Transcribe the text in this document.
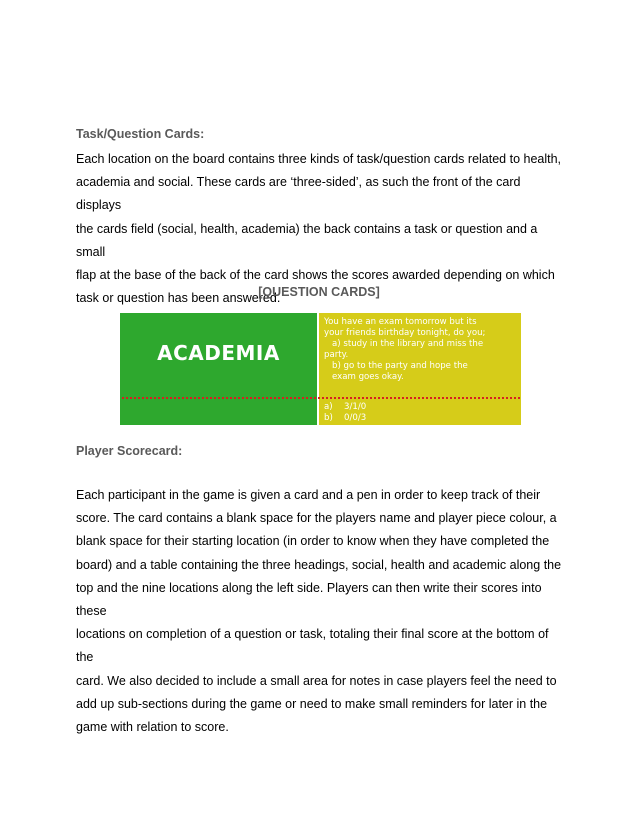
Task/Question Cards:
Each location on the board contains three kinds of task/question cards related to health,
academia and social. These cards are ‘three-sided’, as such the front of the card displays
the cards field (social, health, academia) the back contains a task or question and a small
flap at the base of the back of the card shows the scores awarded depending on which
task or question has been answered.
[QUESTION CARDS]
ACADEMIA
You have an exam tomorrow but its
your friends birthday tonight, do you;
a) study in the library and miss the
party.
b) go to the party and hope the
exam goes okay.
a)	3/1/0
b)	0/0/3
Player Scorecard:
Each participant in the game is given a card and a pen in order to keep track of their
score. The card contains a blank space for the players name and player piece colour, a
blank space for their starting location (in order to know when they have completed the
board) and a table containing the three headings, social, health and academic along the
top and the nine locations along the left side. Players can then write their scores into these
locations on completion of a question or task, totaling their final score at the bottom of the
card. We also decided to include a small area for notes in case players feel the need to
add up sub-sections during the game or need to make small reminders for later in the
game with relation to score.
